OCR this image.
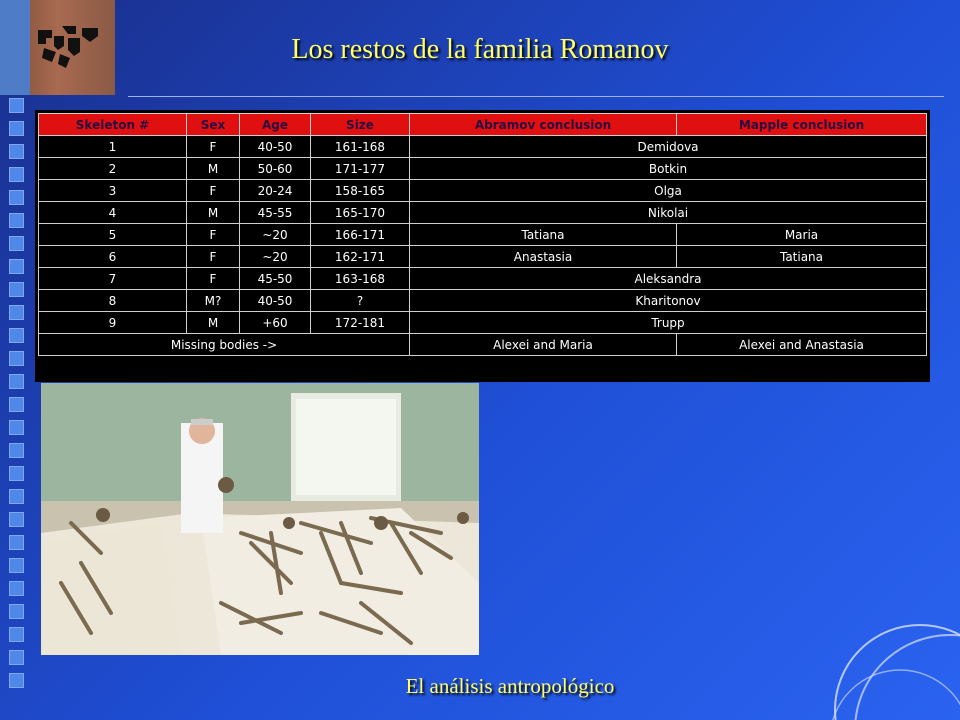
Los restos de la familia Romanov
Skeleton #	Sex	Age	Size	Abramov conclusion	Mapple conclusion
1	F	40-50	161-168	Demidova	
2	M	50-60	171-177	Botkin	
3	F	20-24	158-165	Olga	
4	M	45-55	165-170	Nikolai	
5	F	~20	166-171	Tatiana	Maria
6	F	~20	162-171	Anastasia	Tatiana
7	F	45-50	163-168	Aleksandra	
8	M?	40-50	?	Kharitonov	
9	M	+60	172-181	Trupp	
Missing bodies ->				Alexei and Maria	Alexei and Anastasia
El análisis antropológico
